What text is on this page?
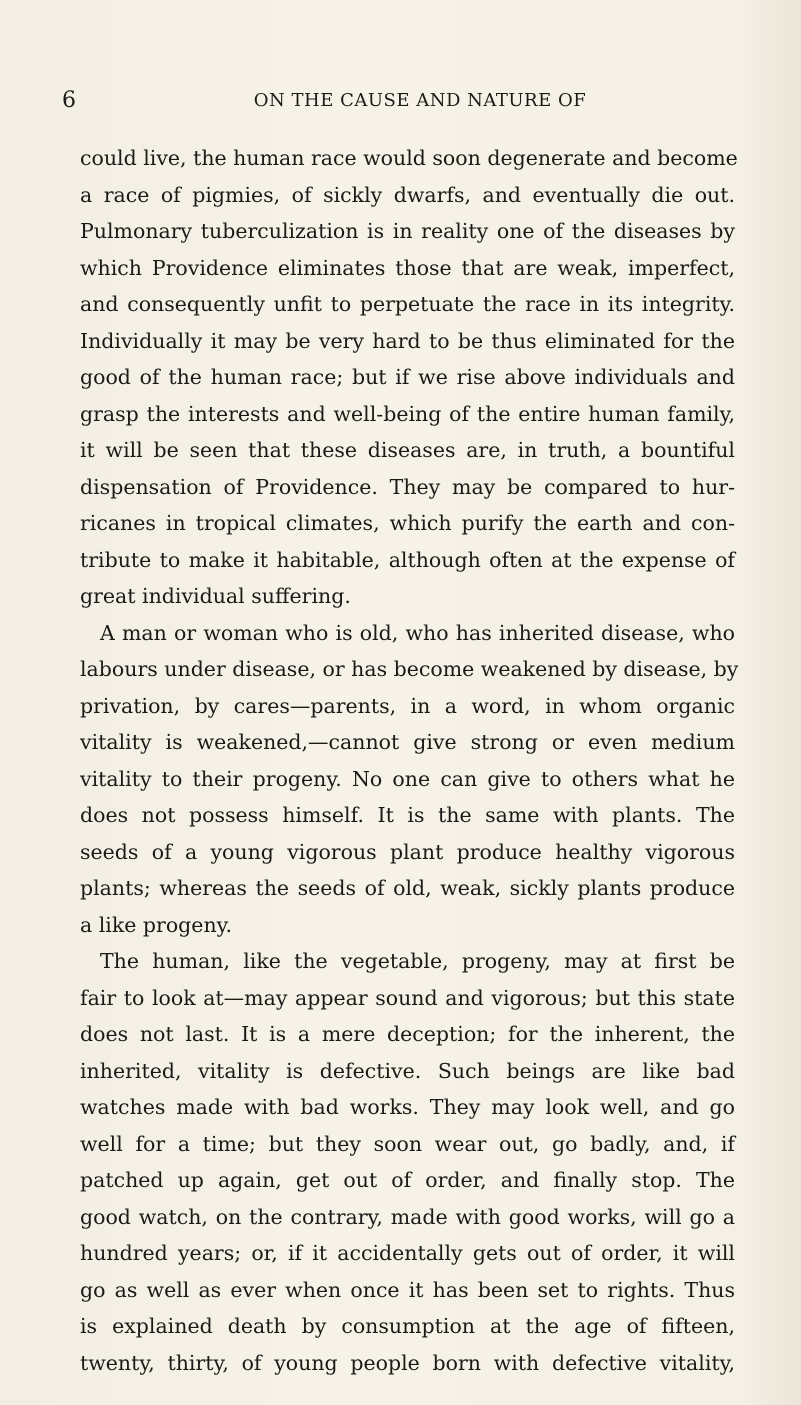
6	ON THE CAUSE AND NATURE OF
could live, the human race would soon degenerate and become
a race of pigmies, of sickly dwarfs, and eventually die out.
Pulmonary tuberculization is in reality one of the diseases by
which Providence eliminates those that are weak, imperfect,
and consequently unfit to perpetuate the race in its integrity.
Individually it may be very hard to be thus eliminated for the
good of the human race; but if we rise above individuals and
grasp the interests and well-being of the entire human family,
it will be seen that these diseases are, in truth, a bountiful
dispensation of Providence. They may be compared to hur-
ricanes in tropical climates, which purify the earth and con-
tribute to make it habitable, although often at the expense of
great individual suffering.
A man or woman who is old, who has inherited disease, who
labours under disease, or has become weakened by disease, by
privation, by cares—parents, in a word, in whom organic
vitality is weakened,—cannot give strong or even medium
vitality to their progeny. No one can give to others what he
does not possess himself. It is the same with plants. The
seeds of a young vigorous plant produce healthy vigorous
plants; whereas the seeds of old, weak, sickly plants produce
a like progeny.
The human, like the vegetable, progeny, may at first be
fair to look at—may appear sound and vigorous; but this state
does not last. It is a mere deception; for the inherent, the
inherited, vitality is defective. Such beings are like bad
watches made with bad works. They may look well, and go
well for a time; but they soon wear out, go badly, and, if
patched up again, get out of order, and finally stop. The
good watch, on the contrary, made with good works, will go a
hundred years; or, if it accidentally gets out of order, it will
go as well as ever when once it has been set to rights. Thus
is explained death by consumption at the age of fifteen,
twenty, thirty, of young people born with defective vitality,
